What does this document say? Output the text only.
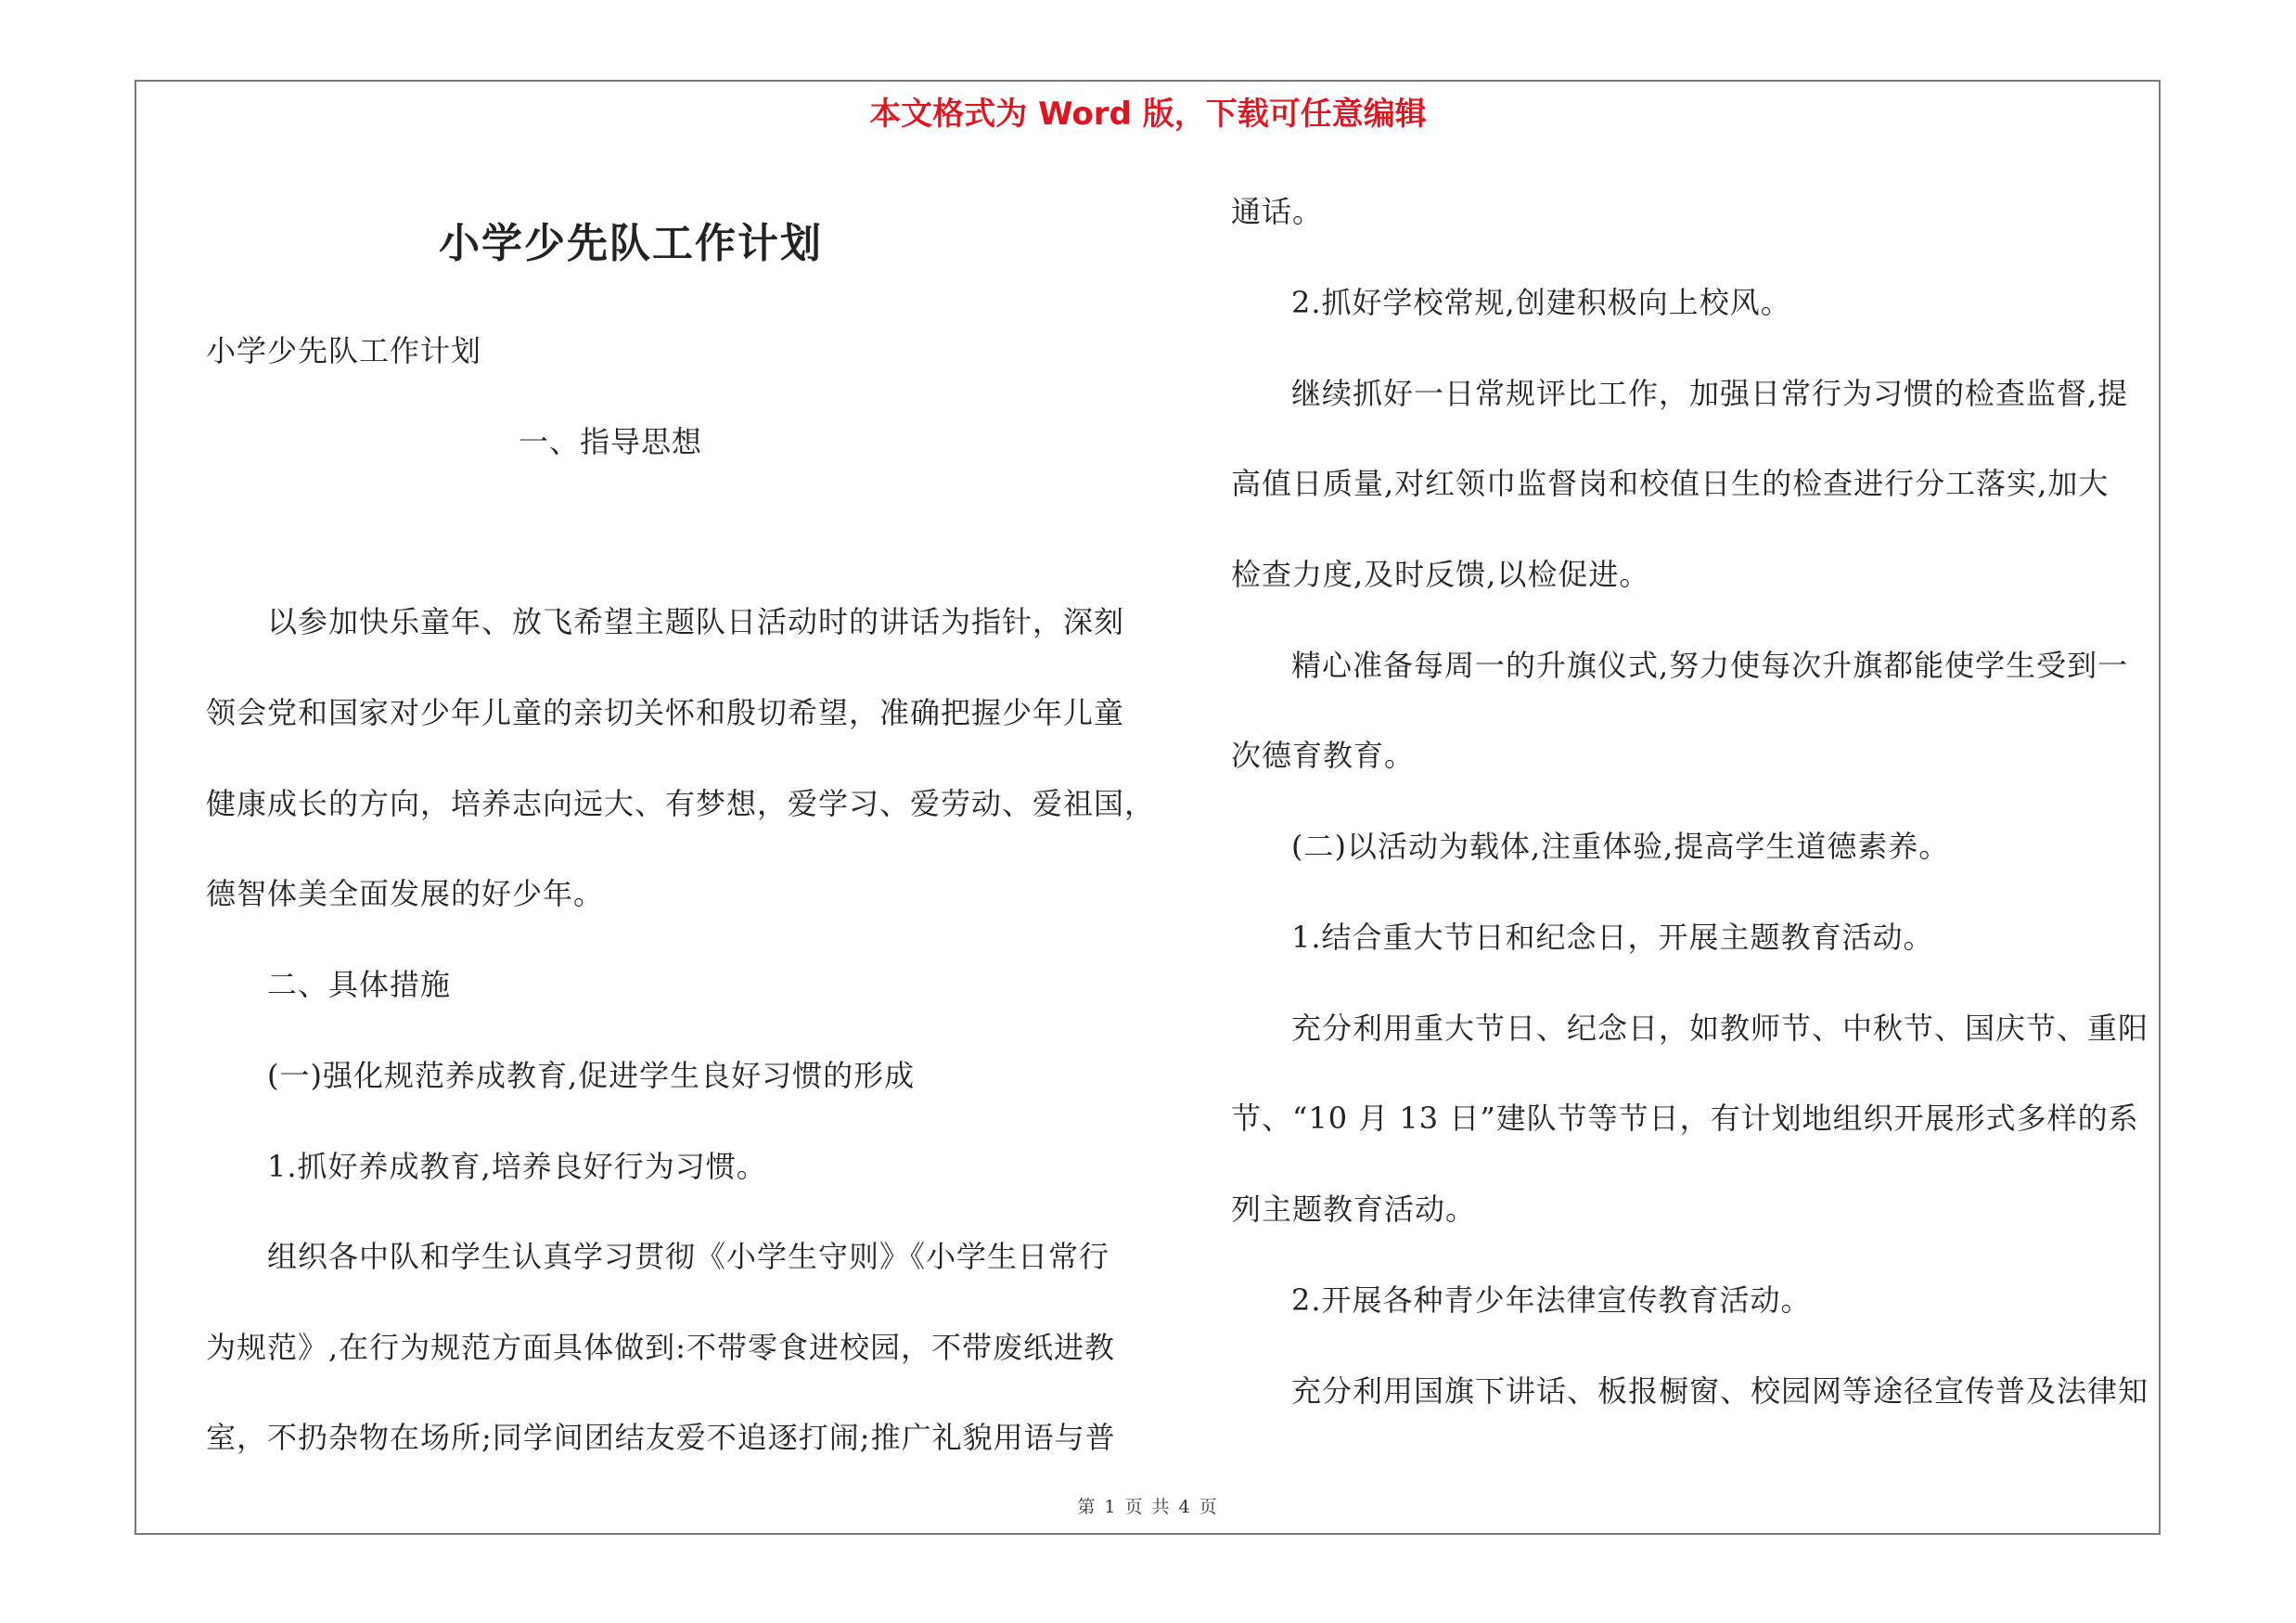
本文格式为 Word 版，下载可任意编辑
小学少先队工作计划
小学少先队工作计划
一、指导思想
以参加快乐童年、放飞希望主题队日活动时的讲话为指针，深刻
领会党和国家对少年儿童的亲切关怀和殷切希望，准确把握少年儿童
健康成长的方向，培养志向远大、有梦想，爱学习、爱劳动、爱祖国，
德智体美全面发展的好少年。
二、具体措施
(一)强化规范养成教育,促进学生良好习惯的形成
1.抓好养成教育,培养良好行为习惯。
组织各中队和学生认真学习贯彻《小学生守则》《小学生日常行
为规范》,在行为规范方面具体做到:不带零食进校园，不带废纸进教
室，不扔杂物在场所;同学间团结友爱不追逐打闹;推广礼貌用语与普
通话。
2.抓好学校常规,创建积极向上校风。
继续抓好一日常规评比工作，加强日常行为习惯的检查监督,提
高值日质量,对红领巾监督岗和校值日生的检查进行分工落实,加大
检查力度,及时反馈,以检促进。
精心准备每周一的升旗仪式,努力使每次升旗都能使学生受到一
次德育教育。
(二)以活动为载体,注重体验,提高学生道德素养。
1.结合重大节日和纪念日，开展主题教育活动。
充分利用重大节日、纪念日，如教师节、中秋节、国庆节、重阳
节、“10 月 13 日”建队节等节日，有计划地组织开展形式多样的系
列主题教育活动。
2.开展各种青少年法律宣传教育活动。
充分利用国旗下讲话、板报橱窗、校园网等途径宣传普及法律知
第 1 页 共 4 页
